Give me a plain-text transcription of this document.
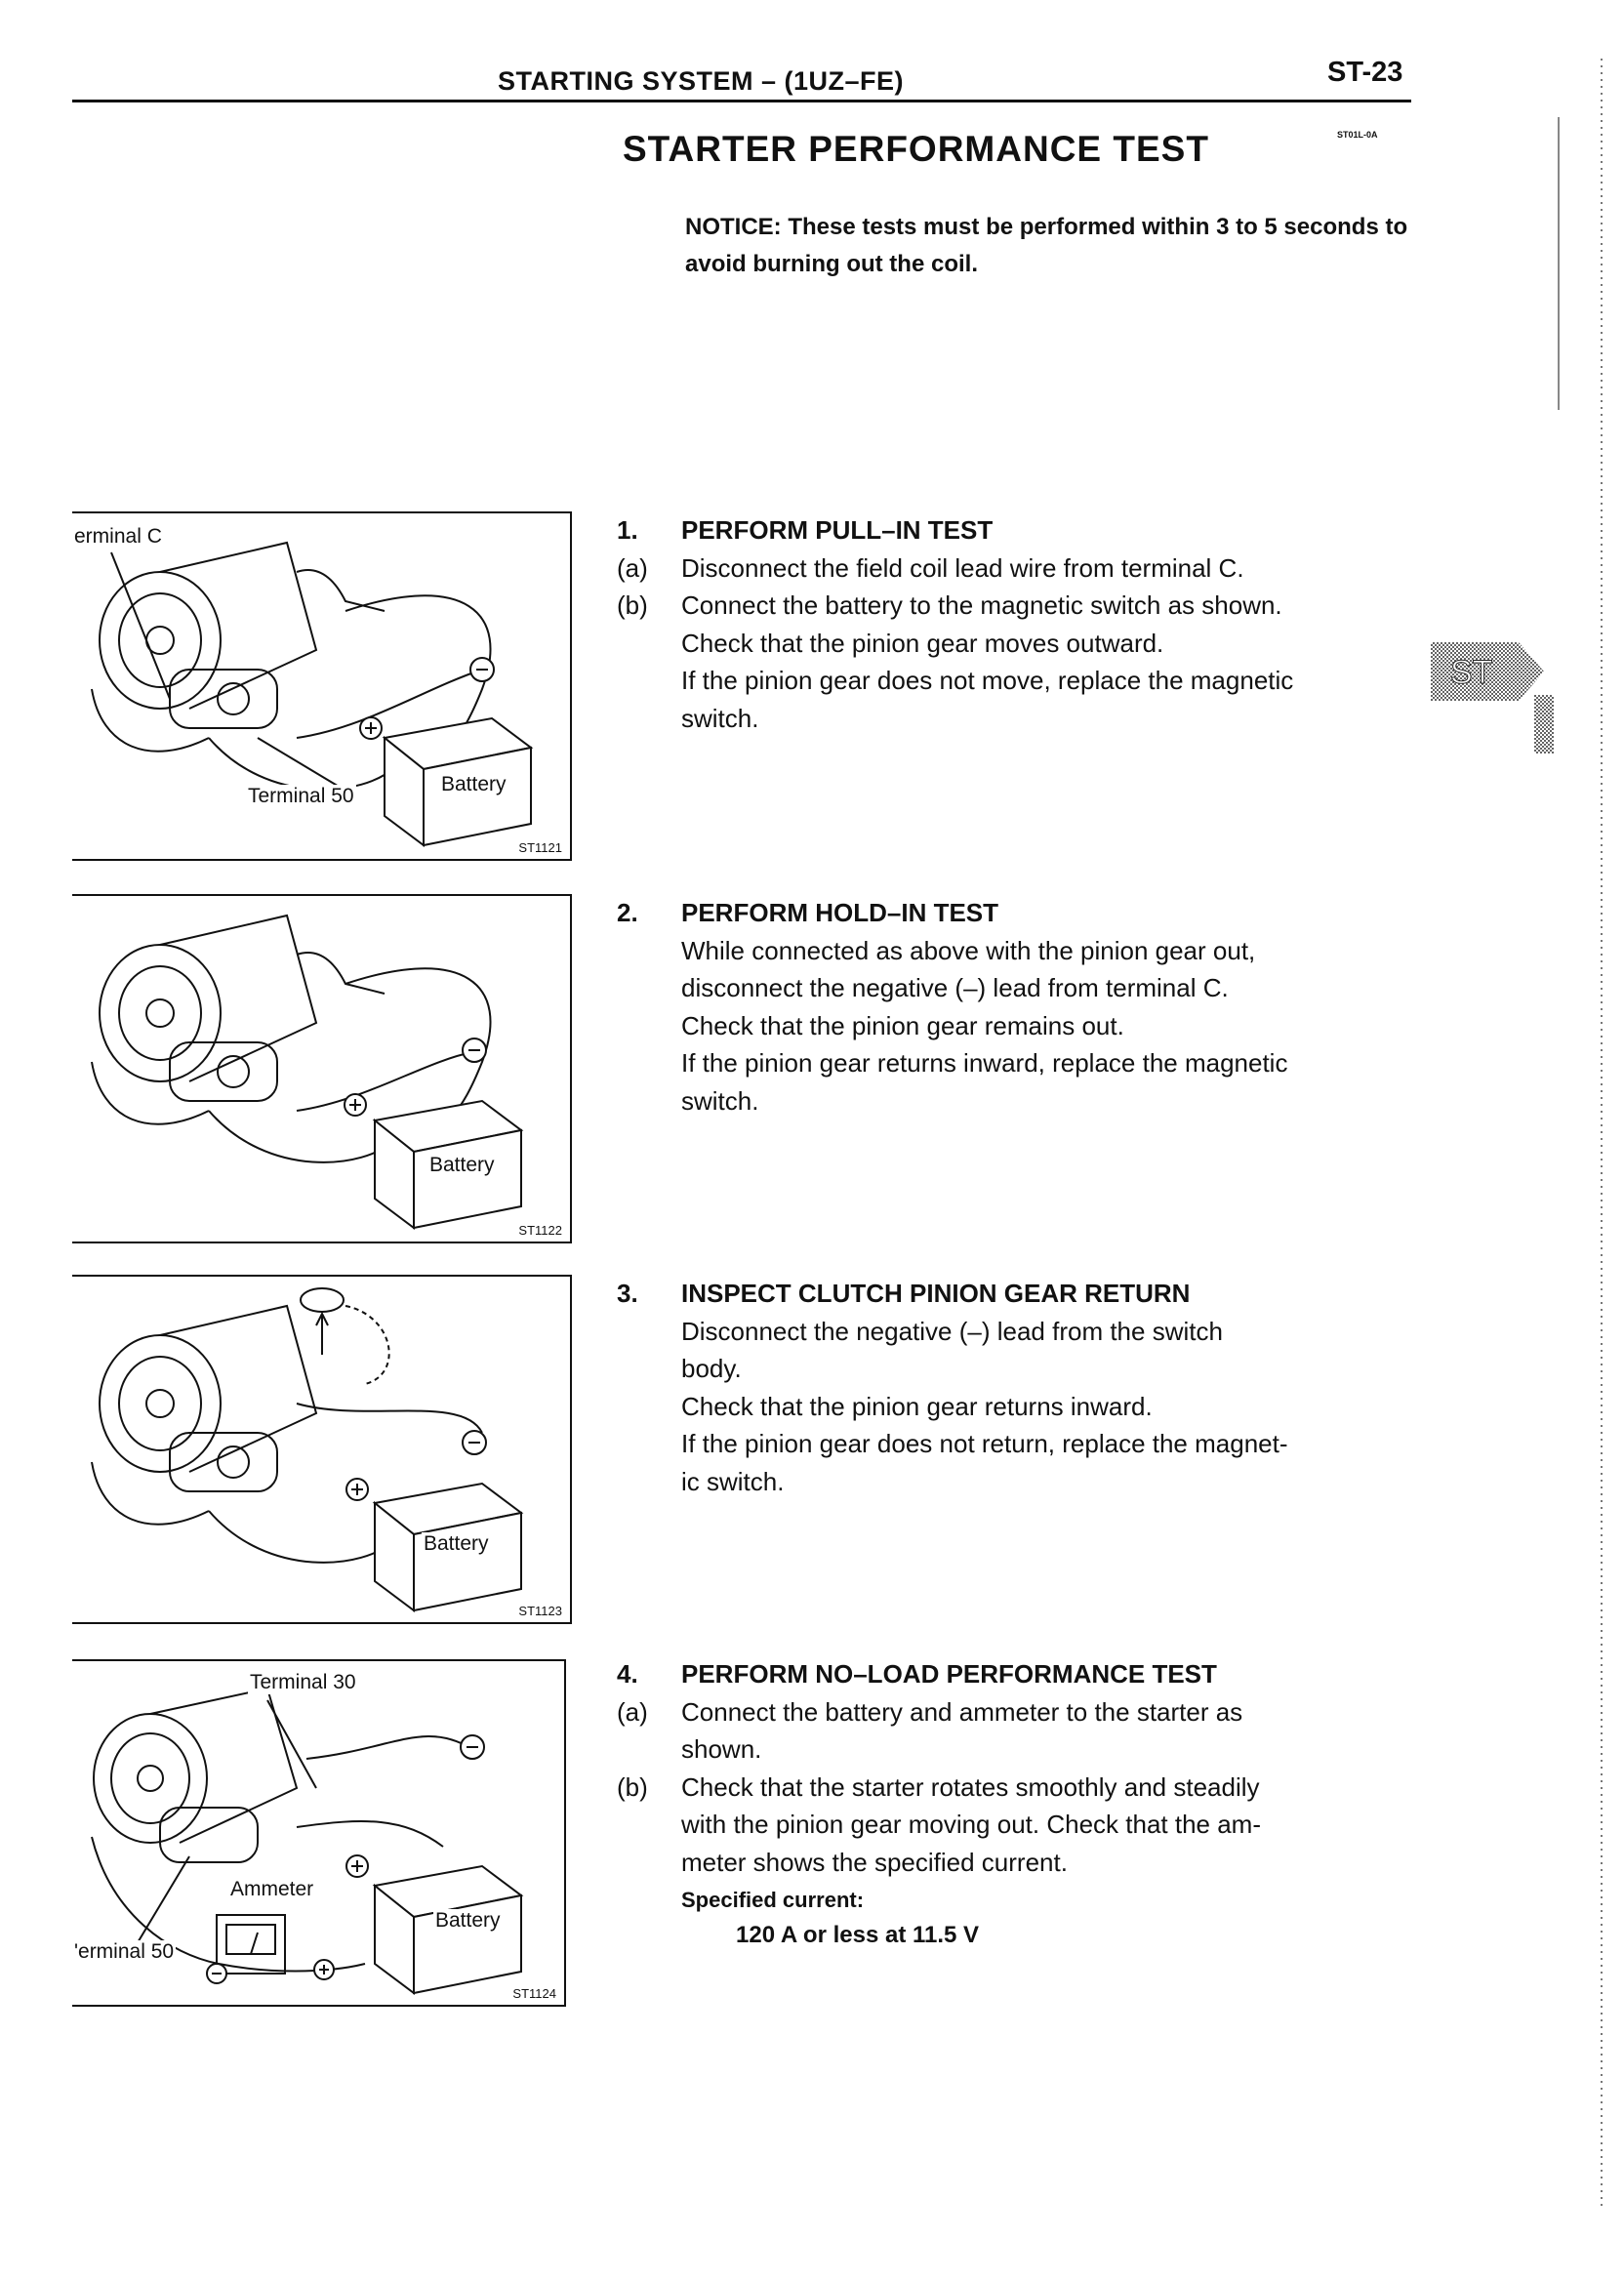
STARTING SYSTEM – (1UZ–FE)	ST-23
STARTER PERFORMANCE TEST	ST01L-0A
NOTICE: These tests must be performed within 3 to 5 seconds to avoid burning out the coil.
ST
erminal C
Terminal 50
Battery
ST1121
Battery
ST1122
Battery
ST1123
Terminal 30
Ammeter
Battery
'erminal 50
ST1124
1. PERFORM PULL–IN TEST
(a) Disconnect the field coil lead wire from terminal C.
(b) Connect the battery to the magnetic switch as shown.
Check that the pinion gear moves outward.
If the pinion gear does not move, replace the magnetic
switch.
2. PERFORM HOLD–IN TEST
While connected as above with the pinion gear out,
disconnect the negative (–) lead from terminal C.
Check that the pinion gear remains out.
If the pinion gear returns inward, replace the magnetic
switch.
3. INSPECT CLUTCH PINION GEAR RETURN
Disconnect the negative (–) lead from the switch
body.
Check that the pinion gear returns inward.
If the pinion gear does not return, replace the magnet-
ic switch.
4. PERFORM NO–LOAD PERFORMANCE TEST
(a) Connect the battery and ammeter to the starter as
shown.
(b) Check that the starter rotates smoothly and steadily
with the pinion gear moving out. Check that the am-
meter shows the specified current.
Specified current:
120 A or less at 11.5 V
